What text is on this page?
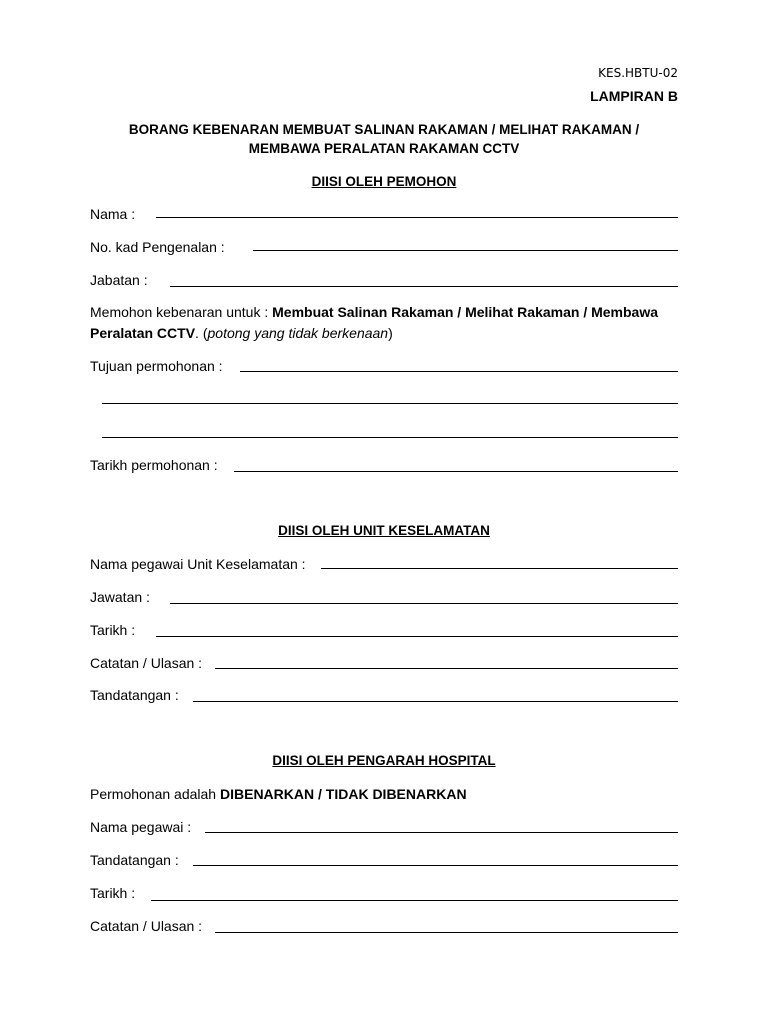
KES.HBTU-02
LAMPIRAN B
BORANG KEBENARAN MEMBUAT SALINAN RAKAMAN / MELIHAT RAKAMAN /
MEMBAWA PERALATAN RAKAMAN CCTV
DIISI OLEH PEMOHON
Nama :
No. kad Pengenalan :
Jabatan :
Memohon kebenaran untuk : Membuat Salinan Rakaman / Melihat Rakaman / Membawa
Peralatan CCTV. (potong yang tidak berkenaan)
Tujuan permohonan :
Tarikh permohonan :
DIISI OLEH UNIT KESELAMATAN
Nama pegawai Unit Keselamatan :
Jawatan :
Tarikh :
Catatan / Ulasan :
Tandatangan :
DIISI OLEH PENGARAH HOSPITAL
Permohonan adalah DIBENARKAN / TIDAK DIBENARKAN
Nama pegawai :
Tandatangan :
Tarikh :
Catatan / Ulasan :
